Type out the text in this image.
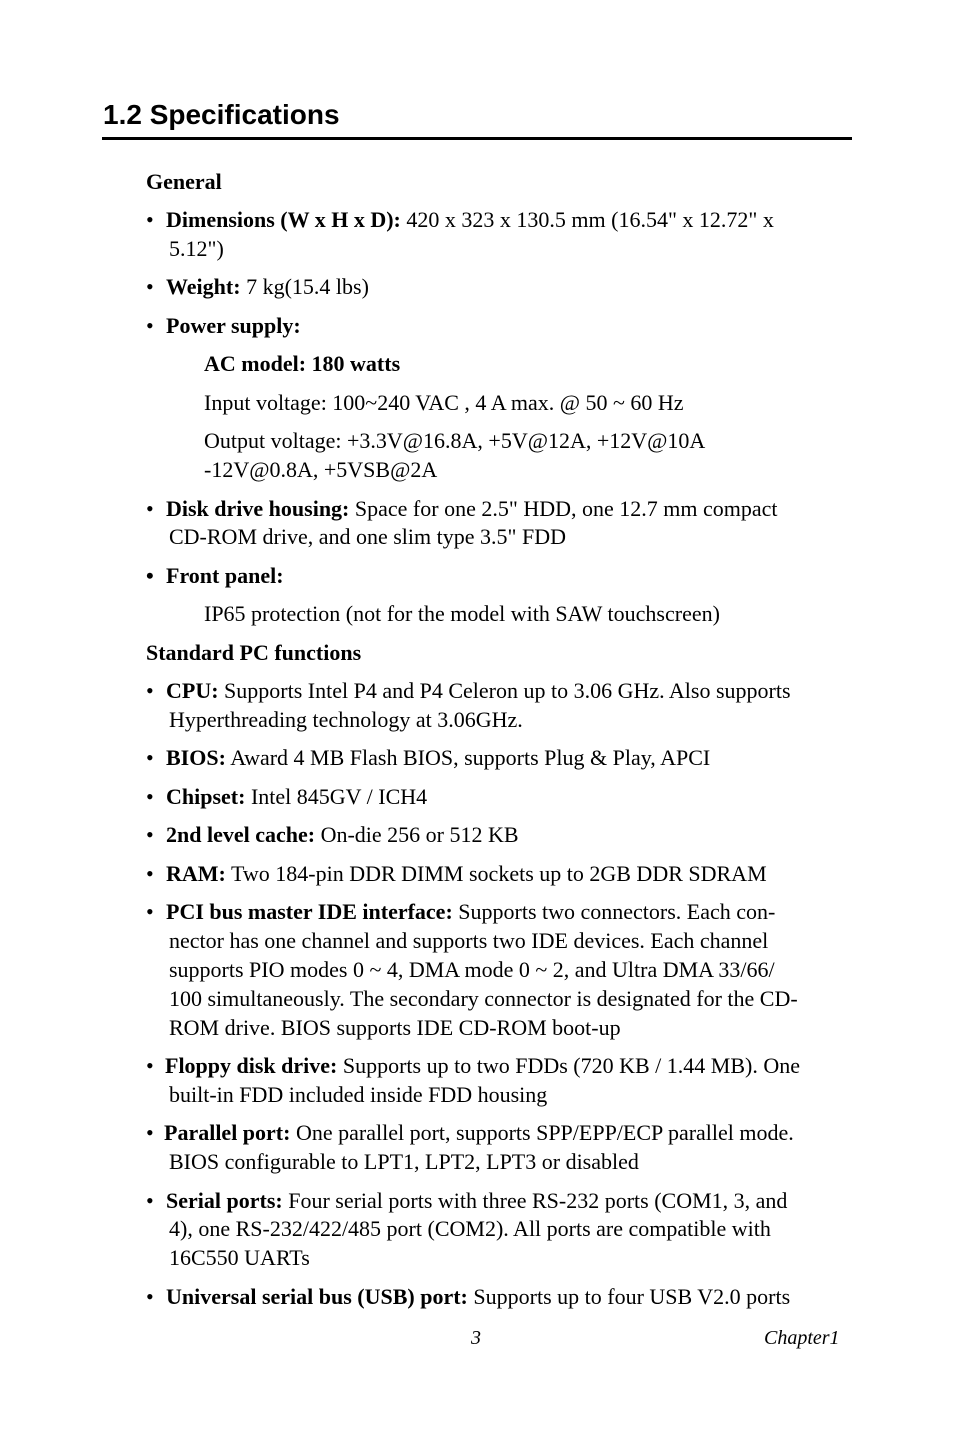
1.2 Specifications
General
• Dimensions (W x H x D): 420 x 323 x 130.5 mm (16.54" x 12.72" x
5.12")
• Weight: 7 kg(15.4 lbs)
• Power supply:
AC model: 180 watts
Input voltage: 100~240 VAC , 4 A max. @ 50 ~ 60 Hz
Output voltage: +3.3V@16.8A, +5V@12A, +12V@10A
-12V@0.8A, +5VSB@2A
• Disk drive housing: Space for one 2.5" HDD, one 12.7 mm compact
CD-ROM drive, and one slim type 3.5" FDD
• Front panel:
IP65 protection (not for the model with SAW touchscreen)
Standard PC functions
• CPU: Supports Intel P4 and P4 Celeron up to 3.06 GHz. Also supports
Hyperthreading technology at 3.06GHz.
• BIOS: Award 4 MB Flash BIOS, supports Plug & Play, APCI
• Chipset: Intel 845GV / ICH4
• 2nd level cache: On-die 256 or 512 KB
• RAM: Two 184-pin DDR DIMM sockets up to 2GB DDR SDRAM
• PCI bus master IDE interface: Supports two connectors. Each con-
nector has one channel and supports two IDE devices. Each channel
supports PIO modes 0 ~ 4, DMA mode 0 ~ 2, and Ultra DMA 33/66/
100 simultaneously. The secondary connector is designated for the CD-
ROM drive. BIOS supports IDE CD-ROM boot-up
• Floppy disk drive: Supports up to two FDDs (720 KB / 1.44 MB). One
built-in FDD included inside FDD housing
• Parallel port: One parallel port, supports SPP/EPP/ECP parallel mode.
BIOS configurable to LPT1, LPT2, LPT3 or disabled
• Serial ports: Four serial ports with three RS-232 ports (COM1, 3, and
4), one RS-232/422/485 port (COM2). All ports are compatible with
16C550 UARTs
• Universal serial bus (USB) port: Supports up to four USB V2.0 ports
3	Chapter1
